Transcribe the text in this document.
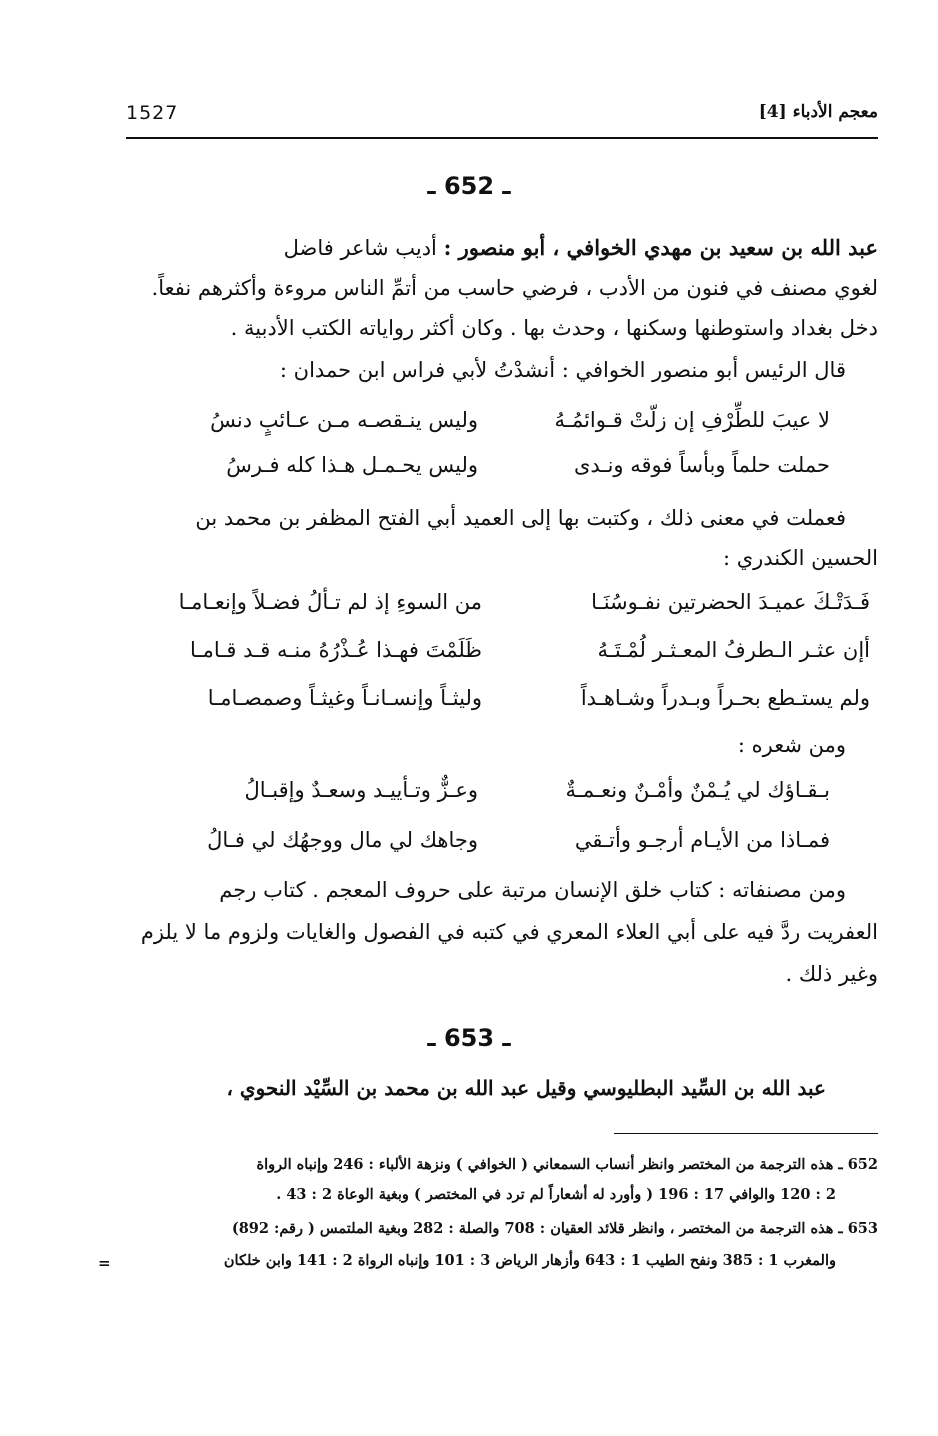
1527	معجم الأدباء [4]
ـ 652 ـ
عبد الله بن سعيد بن مهدي الخوافي ، أبو منصور : أديب شاعر فاضل
لغوي مصنف في فنون من الأدب ، فرضي حاسب من أتمِّ الناس مروءة وأكثرهم نفعاً.
دخل بغداد واستوطنها وسكنها ، وحدث بها . وكان أكثر رواياته الكتب الأدبية .
قال الرئيس أبو منصور الخوافي : أنشدْتُ لأبي فراس ابن حمدان :
لا عيبَ للطِّرْفِ إن زلّتْ قـوائمُـهُ
وليس ينـقصـه مـن عـائبٍ دنسُ
حملت حلماً وبأساً فوقه ونـدى
وليس يحـمـل هـذا كله فـرسُ
فعملت في معنى ذلك ، وكتبت بها إلى العميد أبي الفتح المظفر بن محمد بن
الحسين الكندري :
فَـدَتْـكَ عميـدَ الحضرتين نفـوسُنَـا
من السوءِ إذ لم تـألُ فضـلاً وإنعـامـا
أإن عثـر الـطرفُ المعـثـر لُمْـتَـهُ
ظَلَمْتَ فهـذا عُـذْرُهُ منـه قـد قـامـا
ولم يستـطع بحـراً وبـدراً وشـاهـداً
وليثـاً وإنسـانـاً وغيثـاً وصمصـامـا
ومن شعره :
بـقـاؤك لي يُـمْنٌ وأمْـنٌ ونعـمـةٌ
وعـزٌّ وتـأييـد وسعـدٌ وإقبـالُ
فمـاذا من الأيـام أرجـو وأتـقي
وجاهك لي مال ووجهُك لي فـالُ
ومن مصنفاته : كتاب خلق الإنسان مرتبة على حروف المعجم . كتاب رجم
العفريت ردَّ فيه على أبي العلاء المعري في كتبه في الفصول والغايات ولزوم ما لا يلزم
وغير ذلك .
ـ 653 ـ
عبد الله بن السِّيد البطليوسي وقيل عبد الله بن محمد بن السِّيْد النحوي ،
652 ـ هذه الترجمة من المختصر وانظر أنساب السمعاني ( الخوافي ) ونزهة الألباء : 246 وإنباه الرواة
2 : 120 والوافي 17 : 196 ( وأورد له أشعاراً لم ترد في المختصر ) وبغية الوعاة 2 : 43 .
653 ـ هذه الترجمة من المختصر ، وانظر قلائد العقيان : 708 والصلة : 282 وبغية الملتمس ( رقم: 892)
والمغرب 1 : 385 ونفح الطيب 1 : 643 وأزهار الرياض 3 : 101 وإنباه الرواة 2 : 141 وابن خلكان
=
